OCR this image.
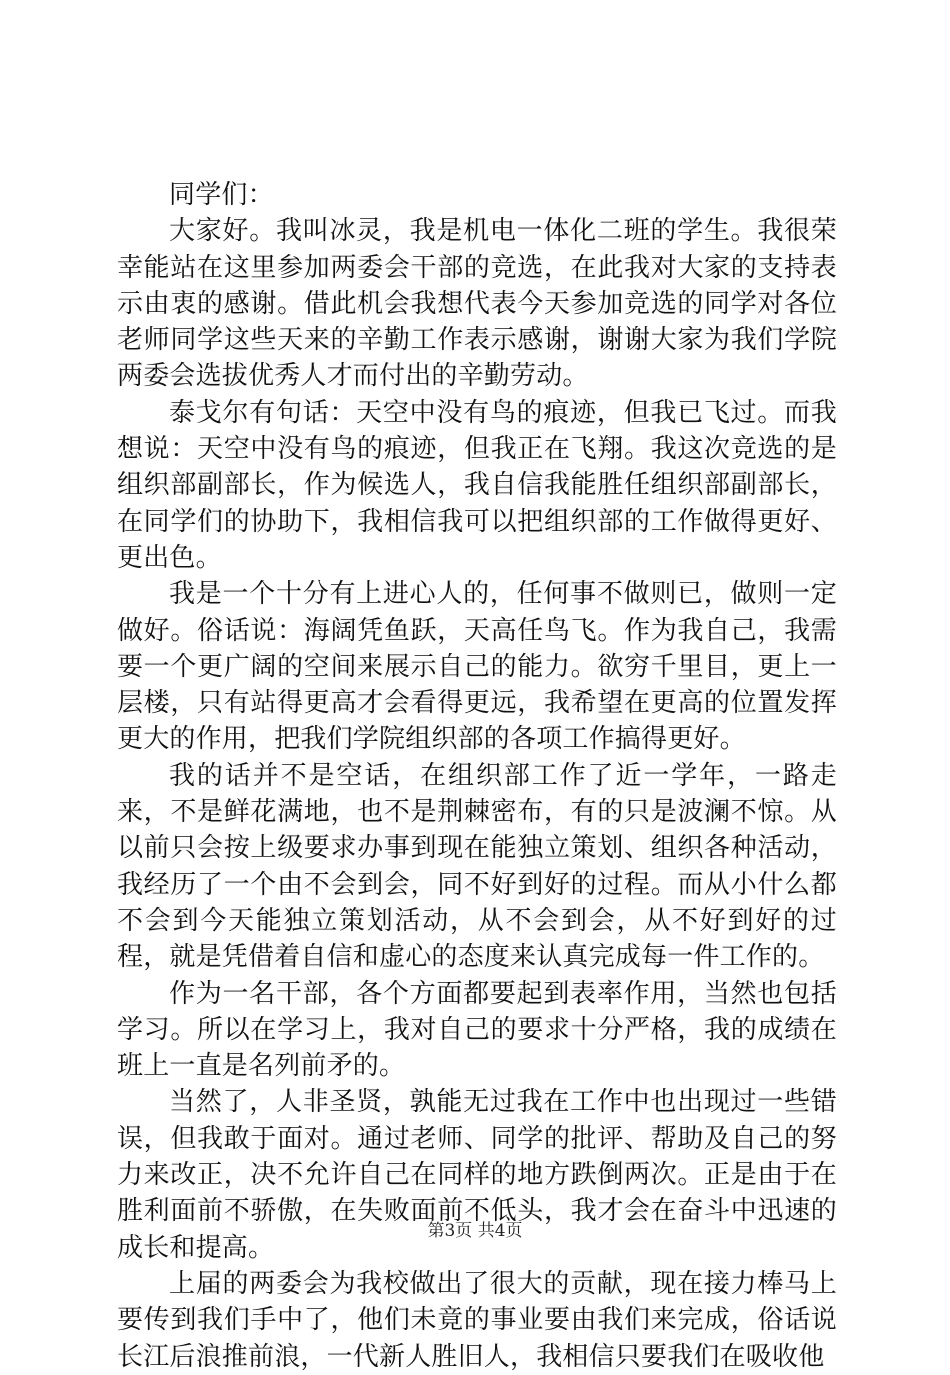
同学们：

大家好。我叫冰灵，我是机电一体化二班的学生。我很荣幸能站在这里参加两委会干部的竞选，在此我对大家的支持表示由衷的感谢。借此机会我想代表今天参加竞选的同学对各位老师同学这些天来的辛勤工作表示感谢，谢谢大家为我们学院两委会选拔优秀人才而付出的辛勤劳动。

泰戈尔有句话：天空中没有鸟的痕迹，但我已飞过。而我想说：天空中没有鸟的痕迹，但我正在飞翔。我这次竞选的是组织部副部长，作为候选人，我自信我能胜任组织部副部长，在同学们的协助下，我相信我可以把组织部的工作做得更好、更出色。

我是一个十分有上进心人的，任何事不做则已，做则一定做好。俗话说：海阔凭鱼跃，天高任鸟飞。作为我自己，我需要一个更广阔的空间来展示自己的能力。欲穷千里目，更上一层楼，只有站得更高才会看得更远，我希望在更高的位置发挥更大的作用，把我们学院组织部的各项工作搞得更好。

我的话并不是空话，在组织部工作了近一学年，一路走来，不是鲜花满地，也不是荆棘密布，有的只是波澜不惊。从以前只会按上级要求办事到现在能独立策划、组织各种活动，我经历了一个由不会到会，同不好到好的过程。而从小什么都不会到今天能独立策划活动，从不会到会，从不好到好的过程，就是凭借着自信和虚心的态度来认真完成每一件工作的。

作为一名干部，各个方面都要起到表率作用，当然也包括学习。所以在学习上，我对自己的要求十分严格，我的成绩在班上一直是名列前矛的。

当然了，人非圣贤，孰能无过我在工作中也出现过一些错误，但我敢于面对。通过老师、同学的批评、帮助及自己的努力来改正，决不允许自己在同样的地方跌倒两次。正是由于在胜利面前不骄傲，在失败面前不低头，我才会在奋斗中迅速的成长和提高。

上届的两委会为我校做出了很大的贡献，现在接力棒马上要传到我们手中了，他们未竟的事业要由我们来完成，俗话说长江后浪推前浪，一代新人胜旧人，我相信只要我们在吸收他

第3页 共4页
